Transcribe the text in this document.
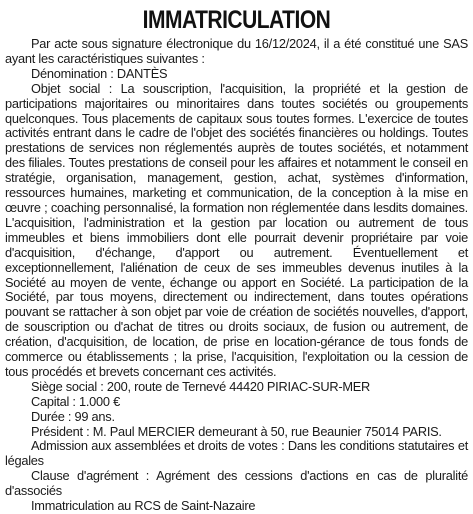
IMMATRICULATION

Par acte sous signature électronique du 16/12/2024, il a été constitué une SAS ayant les caractéristiques suivantes :

Dénomination : DANTÈS

Objet social : La souscription, l'acquisition, la propriété et la gestion de participations majoritaires ou minoritaires dans toutes sociétés ou groupements quelconques. Tous placements de capitaux sous toutes formes. L'exercice de toutes activités entrant dans le cadre de l'objet des sociétés financières ou holdings. Toutes prestations de services non réglementés auprès de toutes sociétés, et notamment des filiales. Toutes prestations de conseil pour les affaires et notamment le conseil en stratégie, organisation, management, gestion, achat, systèmes d'information, ressources humaines, marketing et communication, de la conception à la mise en œuvre ; coaching personnalisé, la formation non réglementée dans lesdits domaines. L'acquisition, l'administration et la gestion par location ou autrement de tous immeubles et biens immobiliers dont elle pourrait devenir propriétaire par voie d'acquisition, d'échange, d'apport ou autrement. Éventuellement et exceptionnellement, l'aliénation de ceux de ses immeubles devenus inutiles à la Société au moyen de vente, échange ou apport en Société. La participation de la Société, par tous moyens, directement ou indirectement, dans toutes opérations pouvant se rattacher à son objet par voie de création de sociétés nouvelles, d'apport, de souscription ou d'achat de titres ou droits sociaux, de fusion ou autrement, de création, d'acquisition, de location, de prise en location-gérance de tous fonds de commerce ou établissements ; la prise, l'acquisition, l'exploitation ou la cession de tous procédés et brevets concernant ces activités.

Siège social : 200, route de Ternevé 44420 PIRIAC-SUR-MER

Capital : 1.000 €

Durée : 99 ans.

Président : M. Paul MERCIER demeurant à 50, rue Beaunier 75014 PARIS.

Admission aux assemblées et droits de votes : Dans les conditions statutaires et légales

Clause d'agrément : Agrément des cessions d'actions en cas de pluralité d'associés

Immatriculation au RCS de Saint-Nazaire
